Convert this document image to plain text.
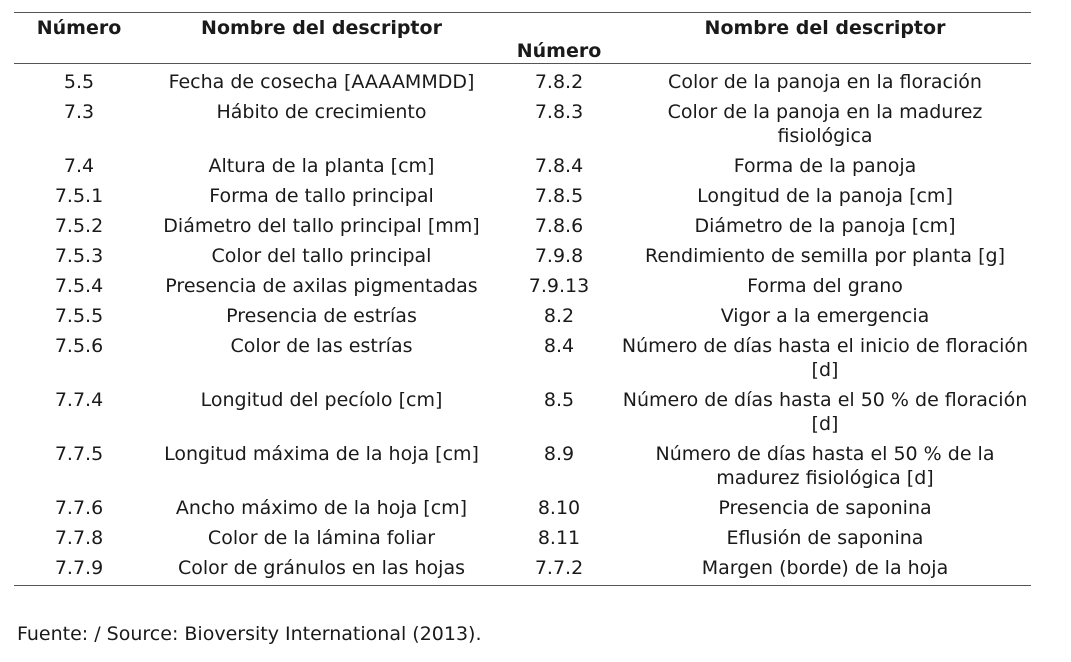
Número	Nombre del descriptor	Número	Nombre del descriptor

5.5	Fecha de cosecha [AAAAMMDD]	7.8.2	Color de la panoja en la floración
7.3	Hábito de crecimiento	7.8.3	Color de la panoja en la madurez fisiológica
7.4	Altura de la planta [cm]	7.8.4	Forma de la panoja
7.5.1	Forma de tallo principal	7.8.5	Longitud de la panoja [cm]
7.5.2	Diámetro del tallo principal [mm]	7.8.6	Diámetro de la panoja [cm]
7.5.3	Color del tallo principal	7.9.8	Rendimiento de semilla por planta [g]
7.5.4	Presencia de axilas pigmentadas	7.9.13	Forma del grano
7.5.5	Presencia de estrías	8.2	Vigor a la emergencia
7.5.6	Color de las estrías	8.4	Número de días hasta el inicio de floración [d]
7.7.4	Longitud del pecíolo [cm]	8.5	Número de días hasta el 50 % de floración [d]
7.7.5	Longitud máxima de la hoja [cm]	8.9	Número de días hasta el 50 % de la madurez fisiológica [d]
7.7.6	Ancho máximo de la hoja [cm]	8.10	Presencia de saponina
7.7.8	Color de la lámina foliar	8.11	Eflusión de saponina
7.7.9	Color de gránulos en las hojas	7.7.2	Margen (borde) de la hoja
Fuente: / Source: Bioversity International (2013).
